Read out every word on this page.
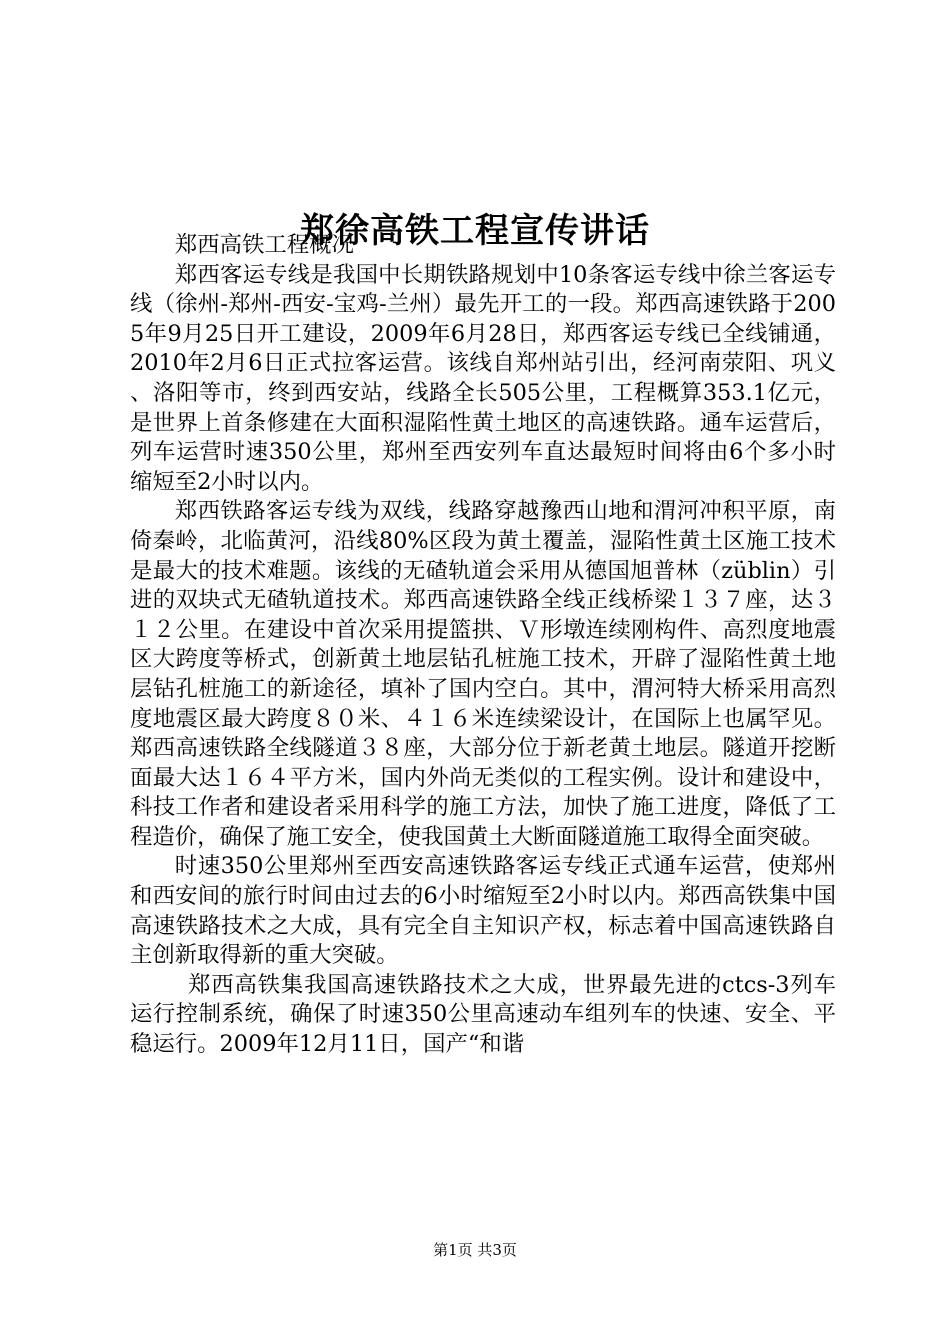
郑徐高铁工程宣传讲话

郑西高铁工程概况

郑西客运专线是我国中长期铁路规划中10条客运专线中徐兰客运专线（徐州-郑州-西安-宝鸡-兰州）最先开工的一段。郑西高速铁路于2005年9月25日开工建设，2009年6月28日，郑西客运专线已全线铺通，2010年2月6日正式拉客运营。该线自郑州站引出，经河南荥阳、巩义、洛阳等市，终到西安站，线路全长505公里，工程概算353.1亿元，是世界上首条修建在大面积湿陷性黄土地区的高速铁路。通车运营后，列车运营时速350公里，郑州至西安列车直达最短时间将由6个多小时缩短至2小时以内。

郑西铁路客运专线为双线，线路穿越豫西山地和渭河冲积平原，南倚秦岭，北临黄河，沿线80%区段为黄土覆盖，湿陷性黄土区施工技术是最大的技术难题。该线的无碴轨道会采用从德国旭普林（züblin）引进的双块式无碴轨道技术。郑西高速铁路全线正线桥梁１３７座，达３１２公里。在建设中首次采用提篮拱、Ｖ形墩连续刚构件、高烈度地震区大跨度等桥式，创新黄土地层钻孔桩施工技术，开辟了湿陷性黄土地层钻孔桩施工的新途径，填补了国内空白。其中，渭河特大桥采用高烈度地震区最大跨度８０米、４１６米连续梁设计，在国际上也属罕见。郑西高速铁路全线隧道３８座，大部分位于新老黄土地层。隧道开挖断面最大达１６４平方米，国内外尚无类似的工程实例。设计和建设中，科技工作者和建设者采用科学的施工方法，加快了施工进度，降低了工程造价，确保了施工安全，使我国黄土大断面隧道施工取得全面突破。

时速350公里郑州至西安高速铁路客运专线正式通车运营，使郑州和西安间的旅行时间由过去的6小时缩短至2小时以内。郑西高铁集中国高速铁路技术之大成，具有完全自主知识产权，标志着中国高速铁路自主创新取得新的重大突破。

郑西高铁集我国高速铁路技术之大成，世界最先进的ctcs-3列车运行控制系统，确保了时速350公里高速动车组列车的快速、安全、平稳运行。2009年12月11日，国产“和谐

第1页 共3页
